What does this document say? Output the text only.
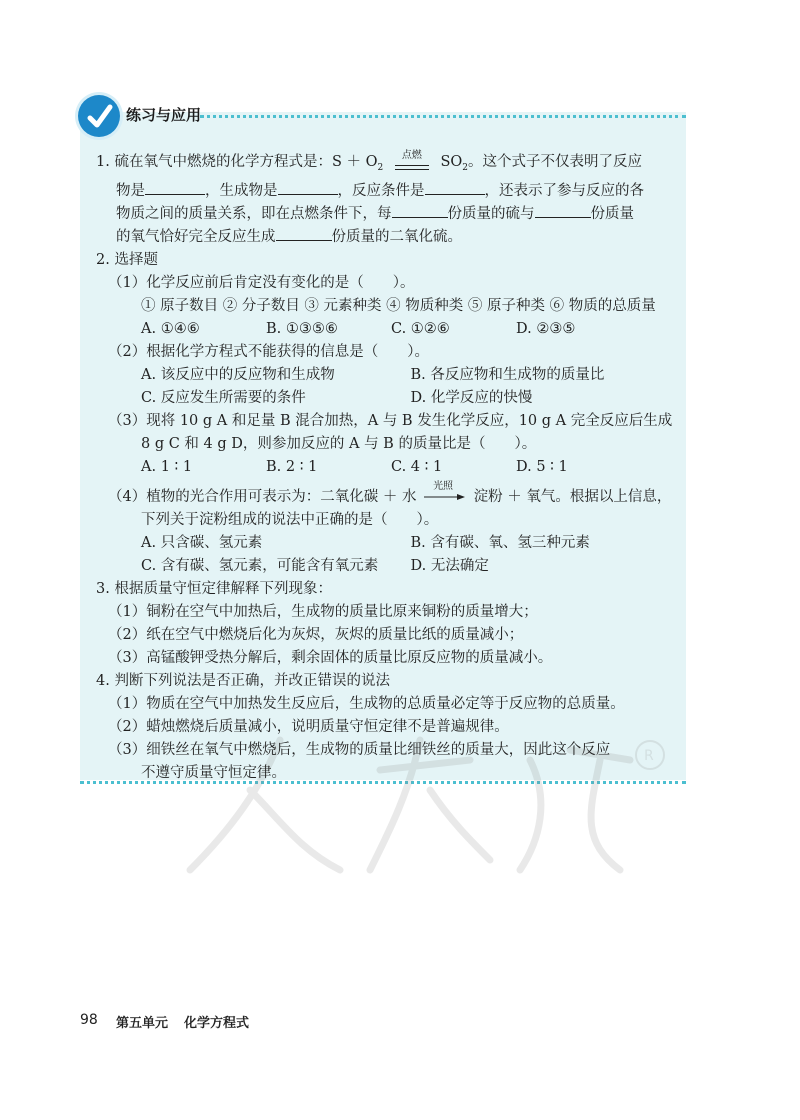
练习与应用
R
1. 硫在氧气中燃烧的化学方程式是：$S + O_2$
点燃	$SO_2$。这个式子不仅表明了反应
物是	，生成物是	，反应条件是	，还表示了参与反应的各
物质之间的质量关系，即在点燃条件下，每	份质量的硫与	份质量
的氧气恰好完全反应生成	份质量的二氧化硫。
2. 选择题
（1）化学反应前后肯定没有变化的是（　　）。
① 原子数目 ② 分子数目 ③ 元素种类 ④ 物质种类 ⑤ 原子种类 ⑥ 物质的总质量
A. ①④⑥	B. ①③⑤⑥	C. ①②⑥	D. ②③⑤
（2）根据化学方程式不能获得的信息是（　　）。
A. 该反应中的反应物和生成物	B. 各反应物和生成物的质量比
C. 反应发生所需要的条件	D. 化学反应的快慢
（3）现将 10 g A 和足量 B 混合加热，A 与 B 发生化学反应，10 g A 完全反应后生成
8 g C 和 4 g D，则参加反应的 A 与 B 的质量比是（　　）。
A. 1 ∶ 1	B. 2 ∶ 1	C. 4 ∶ 1	D. 5 ∶ 1
（4）植物的光合作用可表示为：二氧化碳 ＋ 水
光照
淀粉 ＋ 氧气。根据以上信息，
下列关于淀粉组成的说法中正确的是（　　）。
A. 只含碳、氢元素	B. 含有碳、氧、氢三种元素
C. 含有碳、氢元素，可能含有氧元素	D. 无法确定
3. 根据质量守恒定律解释下列现象：
（1）铜粉在空气中加热后，生成物的质量比原来铜粉的质量增大；
（2）纸在空气中燃烧后化为灰烬，灰烬的质量比纸的质量减小；
（3）高锰酸钾受热分解后，剩余固体的质量比原反应物的质量减小。
4. 判断下列说法是否正确，并改正错误的说法
（1）物质在空气中加热发生反应后，生成物的总质量必定等于反应物的总质量。
（2）蜡烛燃烧后质量减小，说明质量守恒定律不是普遍规律。
（3）细铁丝在氧气中燃烧后，生成物的质量比细铁丝的质量大，因此这个反应
不遵守质量守恒定律。
98 第五单元 化学方程式
